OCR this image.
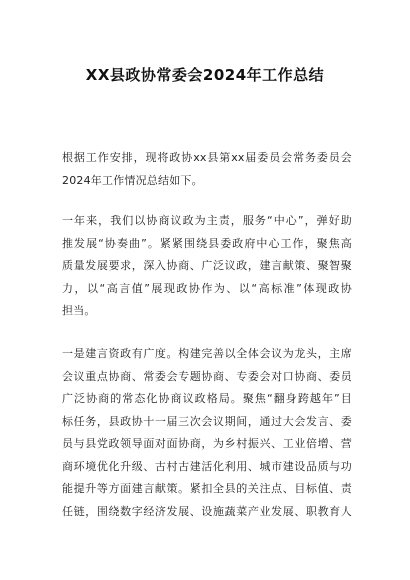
XX县政协常委会2024年工作总结
根据工作安排，现将政协xx县第xx届委员会常务委员会
2024年工作情况总结如下。
一年来，我们以协商议政为主责，服务“中心”，弹好助
推发展“协奏曲”。紧紧围绕县委政府中心工作，聚焦高
质量发展要求，深入协商、广泛议政，建言献策、聚智聚
力，以“高言值”展现政协作为、以“高标准”体现政协
担当。
一是建言资政有广度。构建完善以全体会议为龙头，主席
会议重点协商、常委会专题协商、专委会对口协商、委员
广泛协商的常态化协商议政格局。聚焦“翻身跨越年”目
标任务，县政协十一届三次会议期间，通过大会发言、委
员与县党政领导面对面协商，为乡村振兴、工业倍增、营
商环境优化升级、古村古建活化利用、城市建设品质与功
能提升等方面建言献策。紧扣全县的关注点、目标值、责
任链，围绕数字经济发展、设施蔬菜产业发展、职教育人
